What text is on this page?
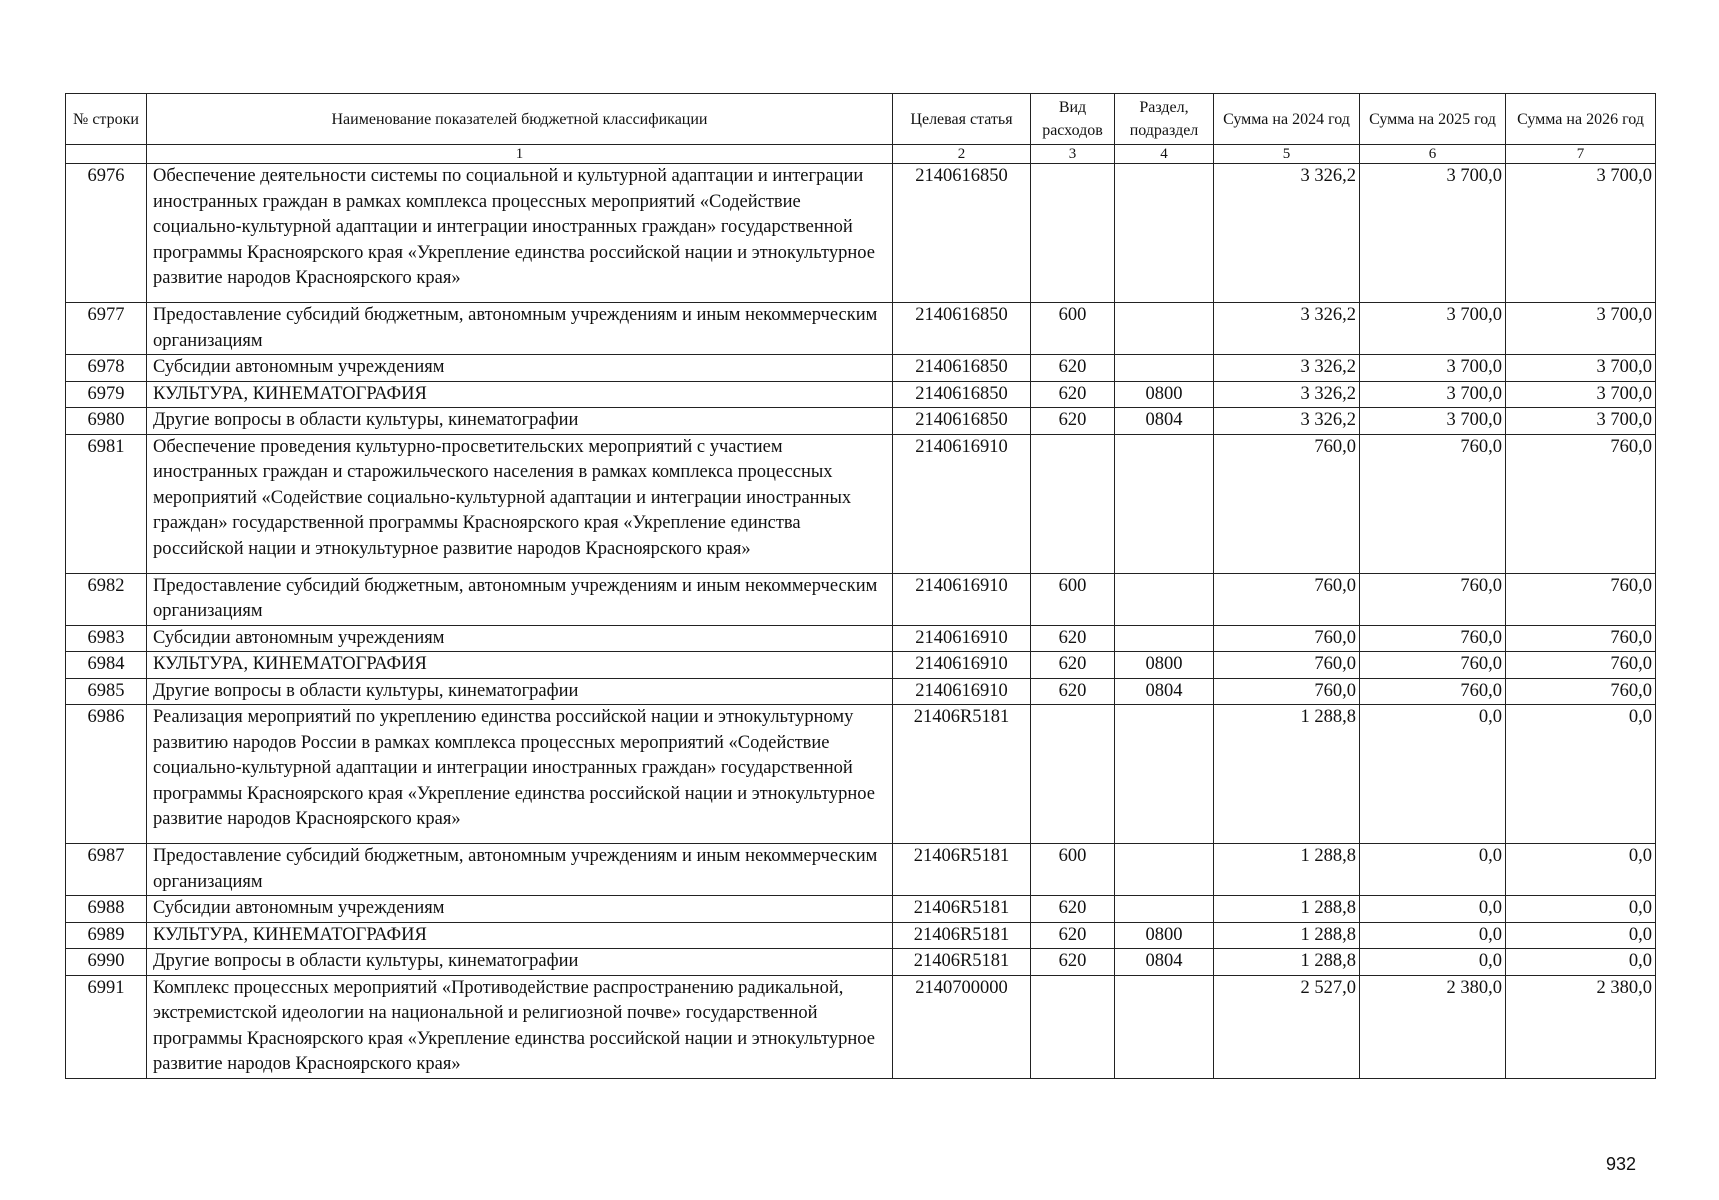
№ строки	Наименование показателей бюджетной классификации	Целевая статья	Вид расходов	Раздел, подраздел	Сумма на 2024 год	Сумма на 2025 год	Сумма на 2026 год
	1	2	3	4	5	6	7
6976	Обеспечение деятельности системы по социальной и культурной адаптации и интеграции иностранных граждан в рамках комплекса процессных мероприятий «Содействие социально-культурной адаптации и интеграции иностранных граждан» государственной программы Красноярского края «Укрепление единства российской нации и этнокультурное развитие народов Красноярского края»	2140616850			3 326,2	3 700,0	3 700,0
6977	Предоставление субсидий бюджетным, автономным учреждениям и иным некоммерческим организациям	2140616850	600		3 326,2	3 700,0	3 700,0
6978	Субсидии автономным учреждениям	2140616850	620		3 326,2	3 700,0	3 700,0
6979	КУЛЬТУРА, КИНЕМАТОГРАФИЯ	2140616850	620	0800	3 326,2	3 700,0	3 700,0
6980	Другие вопросы в области культуры, кинематографии	2140616850	620	0804	3 326,2	3 700,0	3 700,0
6981	Обеспечение проведения культурно-просветительских мероприятий с участием иностранных граждан и старожильческого населения в рамках комплекса процессных мероприятий «Содействие социально-культурной адаптации и интеграции иностранных граждан» государственной программы Красноярского края «Укрепление единства российской нации и этнокультурное развитие народов Красноярского края»	2140616910			760,0	760,0	760,0
6982	Предоставление субсидий бюджетным, автономным учреждениям и иным некоммерческим организациям	2140616910	600		760,0	760,0	760,0
6983	Субсидии автономным учреждениям	2140616910	620		760,0	760,0	760,0
6984	КУЛЬТУРА, КИНЕМАТОГРАФИЯ	2140616910	620	0800	760,0	760,0	760,0
6985	Другие вопросы в области культуры, кинематографии	2140616910	620	0804	760,0	760,0	760,0
6986	Реализация мероприятий по укреплению единства российской нации и этнокультурному развитию народов России в рамках комплекса процессных мероприятий «Содействие социально-культурной адаптации и интеграции иностранных граждан» государственной программы Красноярского края «Укрепление единства российской нации и этнокультурное развитие народов Красноярского края»	21406R5181			1 288,8	0,0	0,0
6987	Предоставление субсидий бюджетным, автономным учреждениям и иным некоммерческим организациям	21406R5181	600		1 288,8	0,0	0,0
6988	Субсидии автономным учреждениям	21406R5181	620		1 288,8	0,0	0,0
6989	КУЛЬТУРА, КИНЕМАТОГРАФИЯ	21406R5181	620	0800	1 288,8	0,0	0,0
6990	Другие вопросы в области культуры, кинематографии	21406R5181	620	0804	1 288,8	0,0	0,0
6991	Комплекс процессных мероприятий «Противодействие распространению радикальной, экстремистской идеологии на национальной и религиозной почве» государственной программы Красноярского края «Укрепление единства российской нации и этнокультурное развитие народов Красноярского края»	2140700000			2 527,0	2 380,0	2 380,0
932
